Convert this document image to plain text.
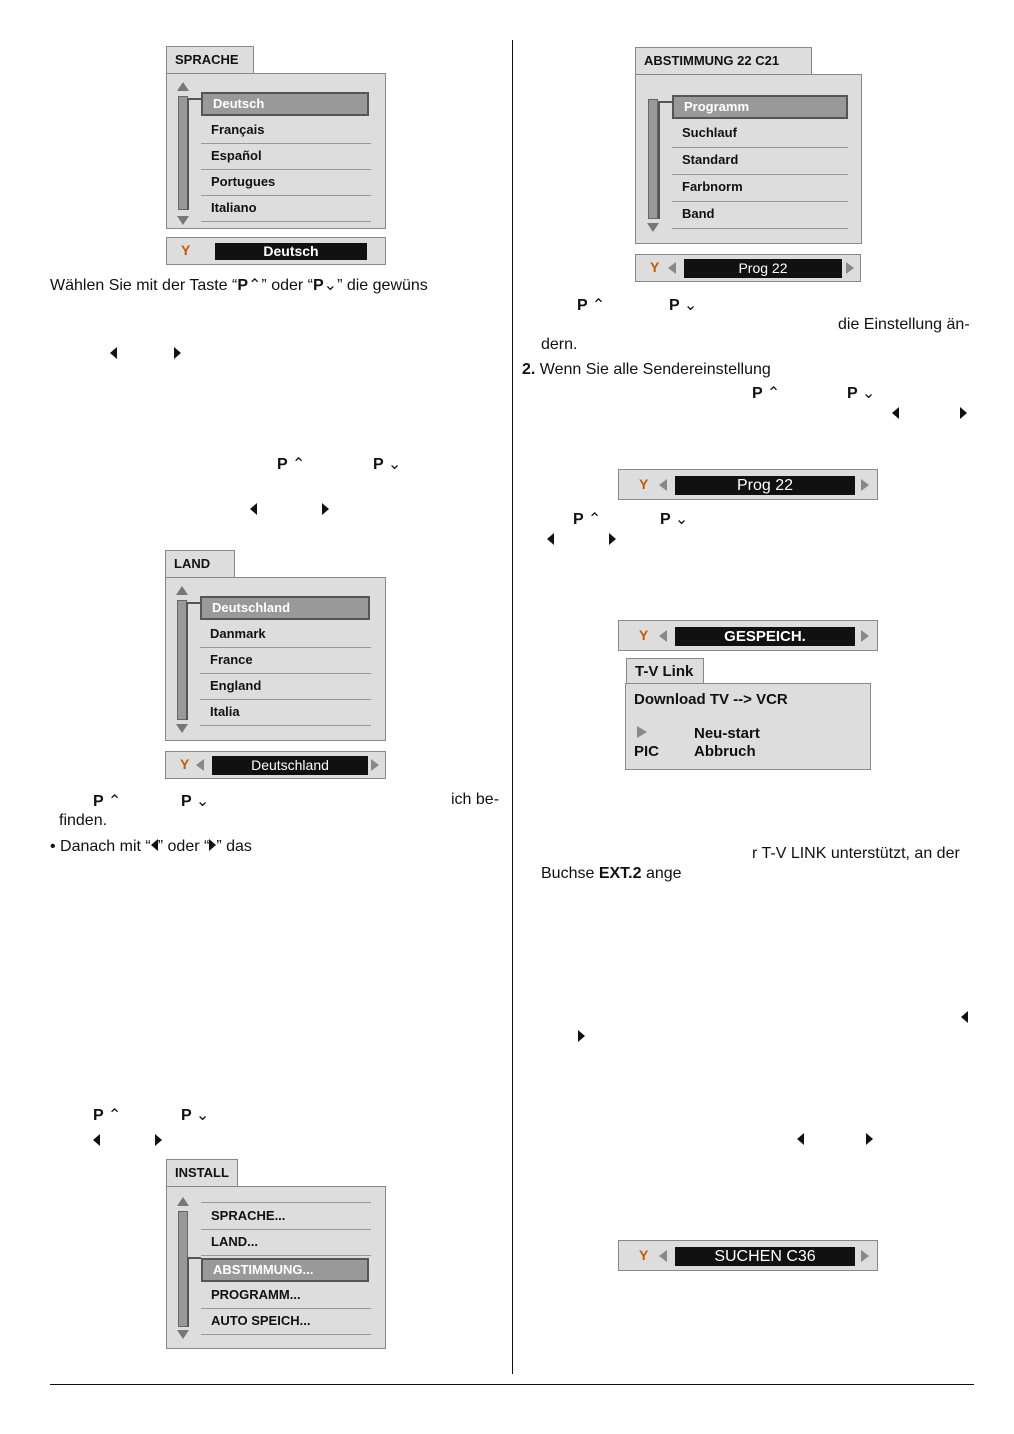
SPRACHE
Deutsch
Français
Español
Portugues
Italiano
Y	Deutsch
Wählen Sie mit der Taste “P⌃” oder “P⌄” die gewüns
P ⌃	P ⌄
LAND
Deutschland
Danmark
France
England
Italia
Y	Deutschland
P ⌃	P ⌄	ich be-
finden.
• Danach mit “ ” oder “ ” das
P ⌃	P ⌄
INSTALL
SPRACHE...
LAND...
ABSTIMMUNG...
PROGRAMM...
AUTO SPEICH...
ABSTIMMUNG 22 C21
Programm
Suchlauf
Standard
Farbnorm
Band
Y	Prog 22
P ⌃	P ⌄
die Einstellung än-
dern.
2. Wenn Sie alle Sendereinstellung
P ⌃	P ⌄
Y	Prog 22
P ⌃	P ⌄
Y	GESPEICH.
T-V Link
Download TV --> VCR
Neu-start
PIC Abbruch
r T-V LINK unterstützt, an der
Buchse EXT.2 ange
Y	SUCHEN C36
